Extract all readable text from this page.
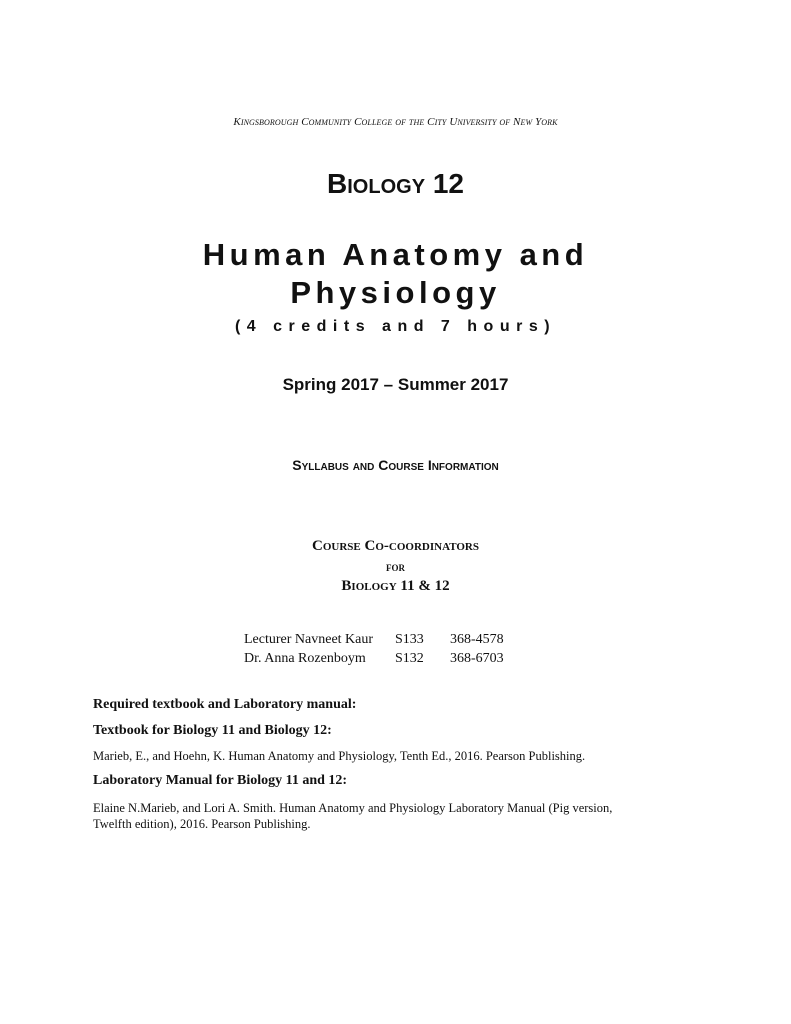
Kingsborough Community College of the City University of New York
Biology 12
Human Anatomy and
Physiology
(4 credits and 7 hours)
Spring 2017 – Summer 2017
Syllabus and Course Information
Course Co-coordinators
for
Biology 11 & 12
Lecturer Navneet Kaur	S133	368-4578
Dr. Anna Rozenboym	S132	368-6703
Required textbook and Laboratory manual:
Textbook for Biology 11 and Biology 12:
Marieb, E., and Hoehn, K. Human Anatomy and Physiology, Tenth Ed., 2016. Pearson Publishing.
Laboratory Manual for Biology 11 and 12:
Elaine N.Marieb, and Lori A. Smith. Human Anatomy and Physiology Laboratory Manual (Pig version, Twelfth edition), 2016. Pearson Publishing.
